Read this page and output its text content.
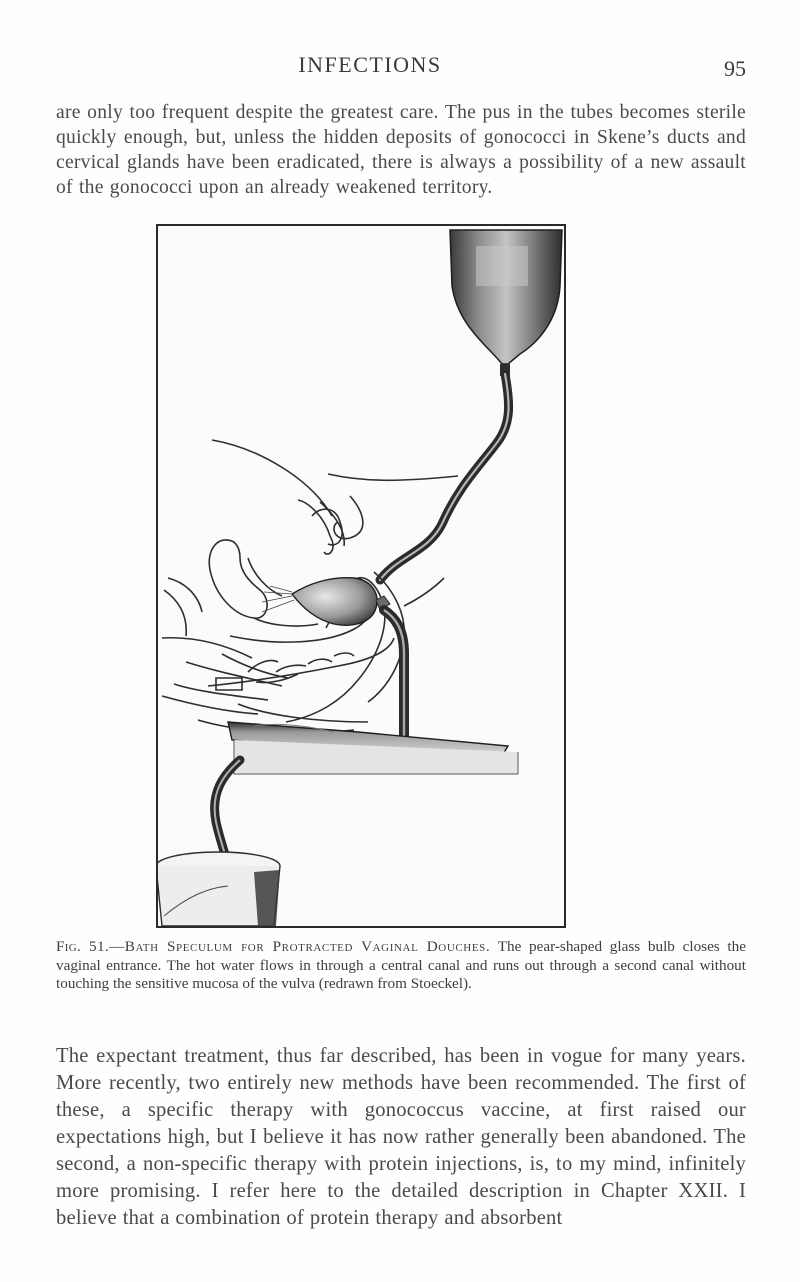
INFECTIONS	95

are only too frequent despite the greatest care. The pus in the tubes becomes sterile quickly enough, but, unless the hidden deposits of gonococci in Skene’s ducts and cervical glands have been eradicated, there is always a possibility of a new assault of the gonococci upon an already weakened territory.

Fig. 51.—Bath Speculum for Protracted Vaginal Douches. The pear-shaped glass bulb closes the vaginal entrance. The hot water flows in through a central canal and runs out through a second canal without touching the sensitive mucosa of the vulva (redrawn from Stoeckel).

The expectant treatment, thus far described, has been in vogue for many years. More recently, two entirely new methods have been recommended. The first of these, a specific therapy with gonococcus vaccine, at first raised our expectations high, but I believe it has now rather generally been abandoned. The second, a non-specific therapy with protein injections, is, to my mind, infinitely more promising. I refer here to the detailed description in Chapter XXII. I believe that a combination of protein therapy and absorbent
